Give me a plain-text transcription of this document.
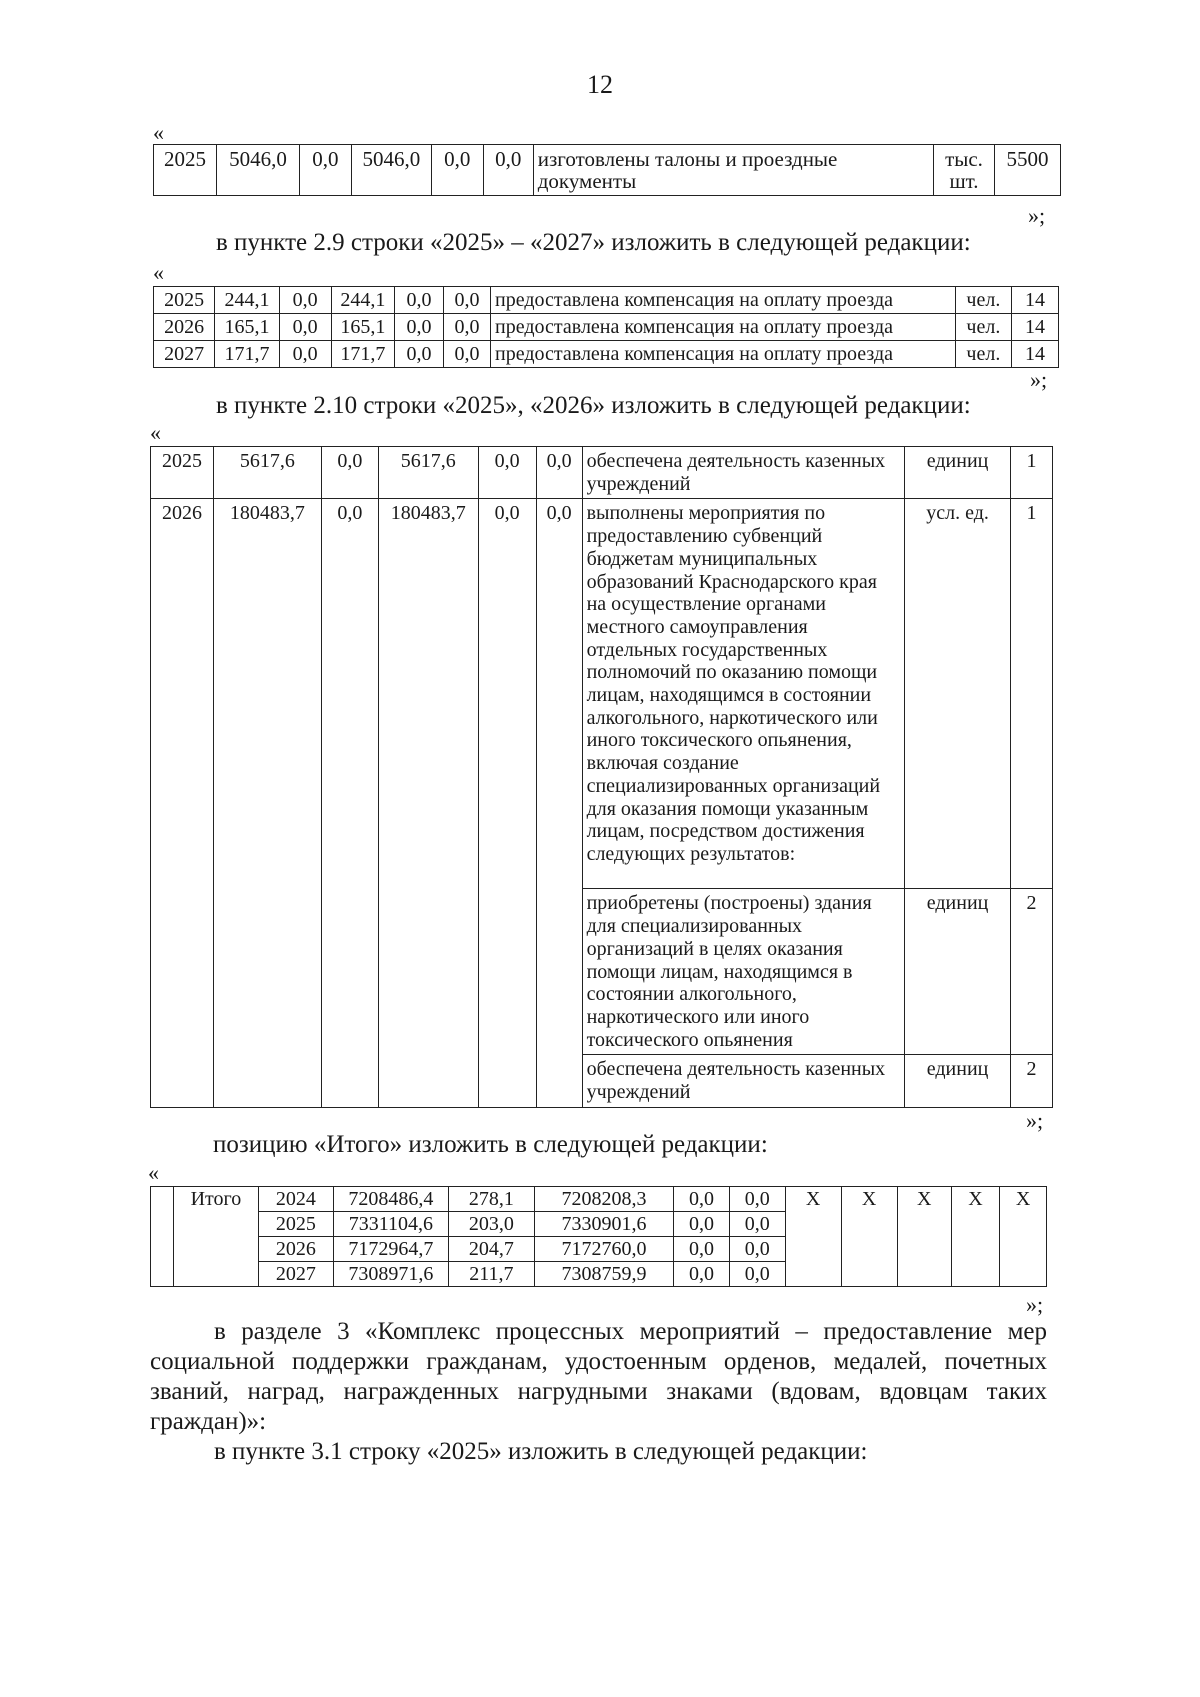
12
«
2025	5046,0	0,0	5046,0	0,0	0,0	изготовлены талоны и проездные документы	тыс. шт.	5500
»;
в пункте 2.9 строки «2025» – «2027» изложить в следующей редакции:
«
2025	244,1	0,0	244,1	0,0	0,0	предоставлена компенсация на оплату проезда	чел.	14
2026	165,1	0,0	165,1	0,0	0,0	предоставлена компенсация на оплату проезда	чел.	14
2027	171,7	0,0	171,7	0,0	0,0	предоставлена компенсация на оплату проезда	чел.	14
»;
в пункте 2.10 строки «2025», «2026» изложить в следующей редакции:
«
2025	5617,6	0,0	5617,6	0,0	0,0	обеспечена деятельность казенных учреждений	единиц	1
2026	180483,7	0,0	180483,7	0,0	0,0	выполнены мероприятия по предоставлению субвенций бюджетам муниципальных образований Краснодарского края на осуществление органами местного самоуправления отдельных государственных полномочий по оказанию помощи лицам, находящимся в состоянии алкогольного, наркотического или иного токсического опьянения, включая создание специализированных организаций для оказания помощи указанным лицам, посредством достижения следующих результатов:	усл. ед.	1
						приобретены (построены) здания для специализированных организаций в целях оказания помощи лицам, находящимся в состоянии алкогольного, наркотического или иного токсического опьянения	единиц	2
						обеспечена деятельность казенных учреждений	единиц	2
»;
позицию «Итого» изложить в следующей редакции:
«
	Итого	2024	7208486,4	278,1	7208208,3	0,0	0,0	Х	Х	Х	Х	Х
		2025	7331104,6	203,0	7330901,6	0,0	0,0					
		2026	7172964,7	204,7	7172760,0	0,0	0,0					
		2027	7308971,6	211,7	7308759,9	0,0	0,0					
»;
в разделе 3 «Комплекс процессных мероприятий – предоставление мер
социальной поддержки гражданам, удостоенным орденов, медалей, почетных
званий, наград, награжденных нагрудными знаками (вдовам, вдовцам таких
граждан)»:
в пункте 3.1 строку «2025» изложить в следующей редакции:
